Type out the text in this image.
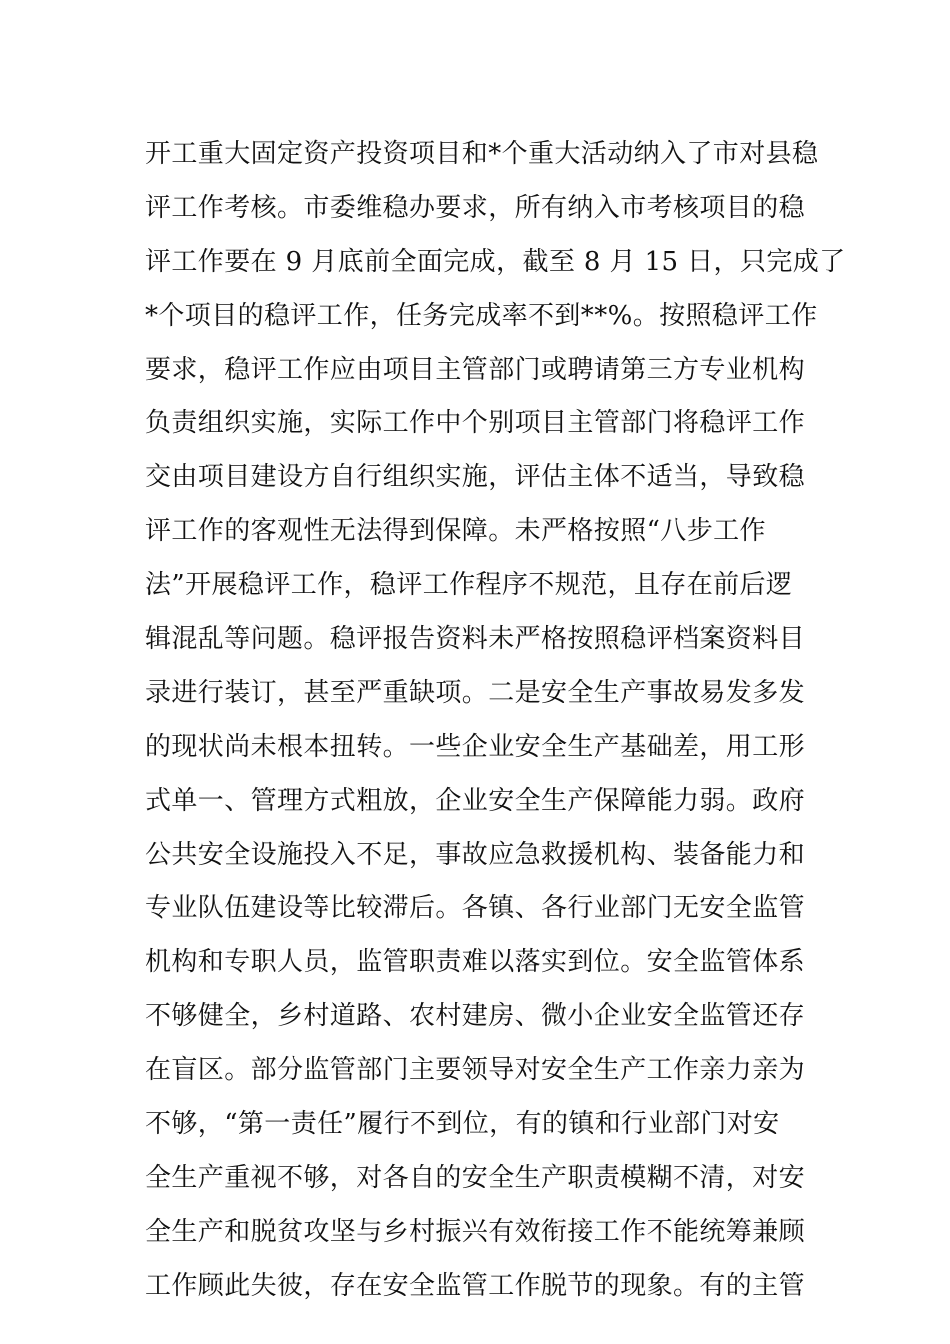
开工重大固定资产投资项目和*个重大活动纳入了市对县稳
评工作考核。市委维稳办要求，所有纳入市考核项目的稳
评工作要在 9 月底前全面完成，截至 8 月 15 日，只完成了
*个项目的稳评工作，任务完成率不到**%。按照稳评工作
要求，稳评工作应由项目主管部门或聘请第三方专业机构
负责组织实施，实际工作中个别项目主管部门将稳评工作
交由项目建设方自行组织实施，评估主体不适当，导致稳
评工作的客观性无法得到保障。未严格按照“八步工作
法”开展稳评工作，稳评工作程序不规范，且存在前后逻
辑混乱等问题。稳评报告资料未严格按照稳评档案资料目
录进行装订，甚至严重缺项。二是安全生产事故易发多发
的现状尚未根本扭转。一些企业安全生产基础差，用工形
式单一、管理方式粗放，企业安全生产保障能力弱。政府
公共安全设施投入不足，事故应急救援机构、装备能力和
专业队伍建设等比较滞后。各镇、各行业部门无安全监管
机构和专职人员，监管职责难以落实到位。安全监管体系
不够健全，乡村道路、农村建房、微小企业安全监管还存
在盲区。部分监管部门主要领导对安全生产工作亲力亲为
不够，“第一责任”履行不到位，有的镇和行业部门对安
全生产重视不够，对各自的安全生产职责模糊不清，对安
全生产和脱贫攻坚与乡村振兴有效衔接工作不能统筹兼顾
工作顾此失彼，存在安全监管工作脱节的现象。有的主管
